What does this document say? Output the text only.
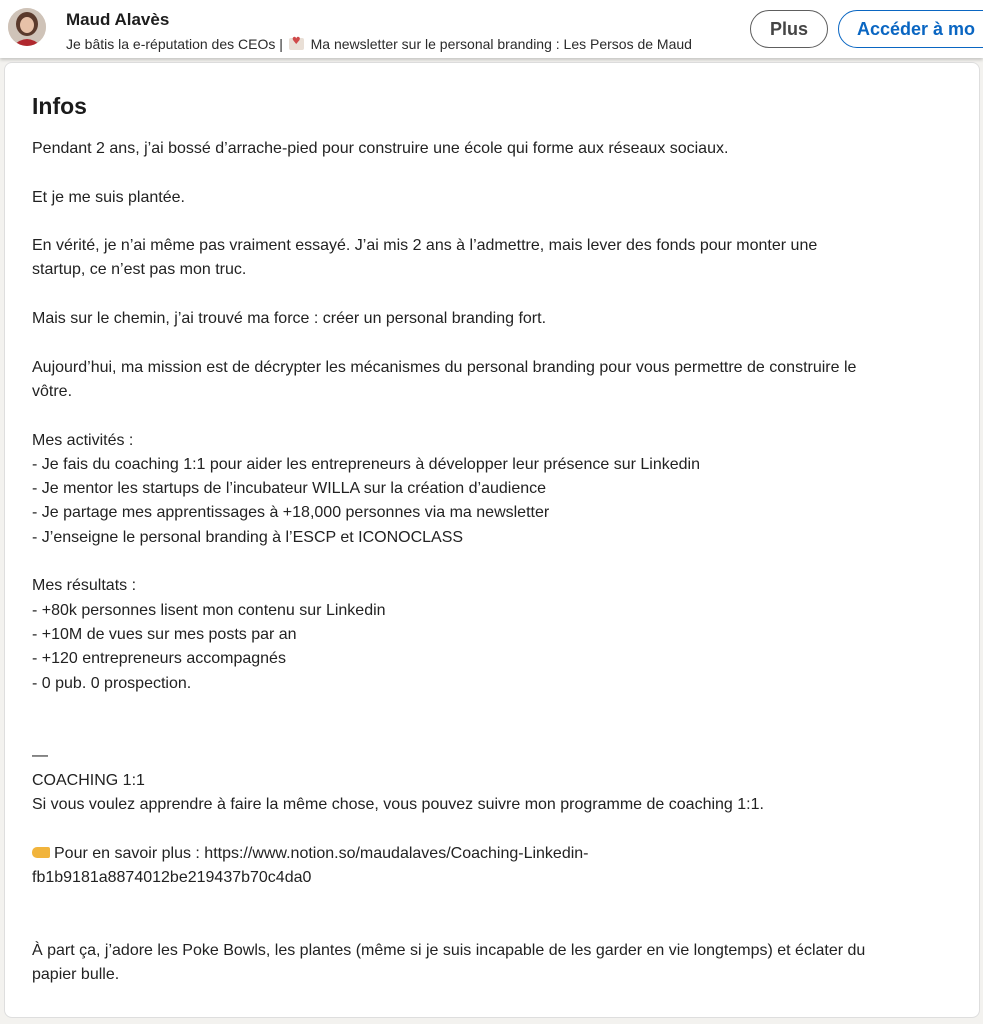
Maud Alavès
Je bâtis la e-réputation des CEOs | ♥ Ma newsletter sur le personal branding : Les Persos de Maud
Plus	Accéder à mo
Infos
Pendant 2 ans, j’ai bossé d’arrache-pied pour construire une école qui forme aux réseaux sociaux.
Et je me suis plantée.
En vérité, je n’ai même pas vraiment essayé. J’ai mis 2 ans à l’admettre, mais lever des fonds pour monter une
startup, ce n’est pas mon truc.
Mais sur le chemin, j’ai trouvé ma force : créer un personal branding fort.
Aujourd’hui, ma mission est de décrypter les mécanismes du personal branding pour vous permettre de construire le
vôtre.
Mes activités :
- Je fais du coaching 1:1 pour aider les entrepreneurs à développer leur présence sur Linkedin
- Je mentor les startups de l’incubateur WILLA sur la création d’audience
- Je partage mes apprentissages à +18,000 personnes via ma newsletter
- J’enseigne le personal branding à l’ESCP et ICONOCLASS
Mes résultats :
- +80k personnes lisent mon contenu sur Linkedin
- +10M de vues sur mes posts par an
- +120 entrepreneurs accompagnés
- 0 pub. 0 prospection.
—
COACHING 1:1
Si vous voulez apprendre à faire la même chose, vous pouvez suivre mon programme de coaching 1:1.
Pour en savoir plus : https://www.notion.so/maudalaves/Coaching-Linkedin-
fb1b9181a8874012be219437b70c4da0
À part ça, j’adore les Poke Bowls, les plantes (même si je suis incapable de les garder en vie longtemps) et éclater du
papier bulle.
